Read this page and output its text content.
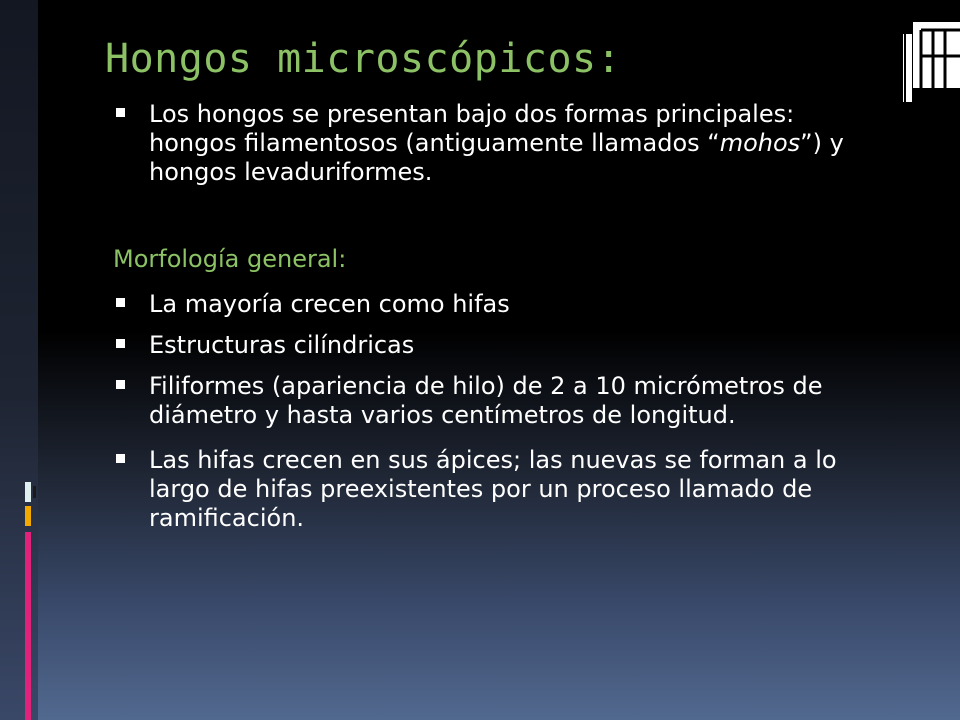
Hongos microscópicos:
Los hongos se presentan bajo dos formas principales: hongos filamentosos (antiguamente llamados “mohos”) y hongos levaduriformes.
Morfología general:
La mayoría crecen como hifas
Estructuras cilíndricas
Filiformes (apariencia de hilo) de 2 a 10 micrómetros de diámetro y hasta varios centímetros de longitud.
Las hifas crecen en sus ápices; las nuevas se forman a lo largo de hifas preexistentes por un proceso llamado de ramificación.
